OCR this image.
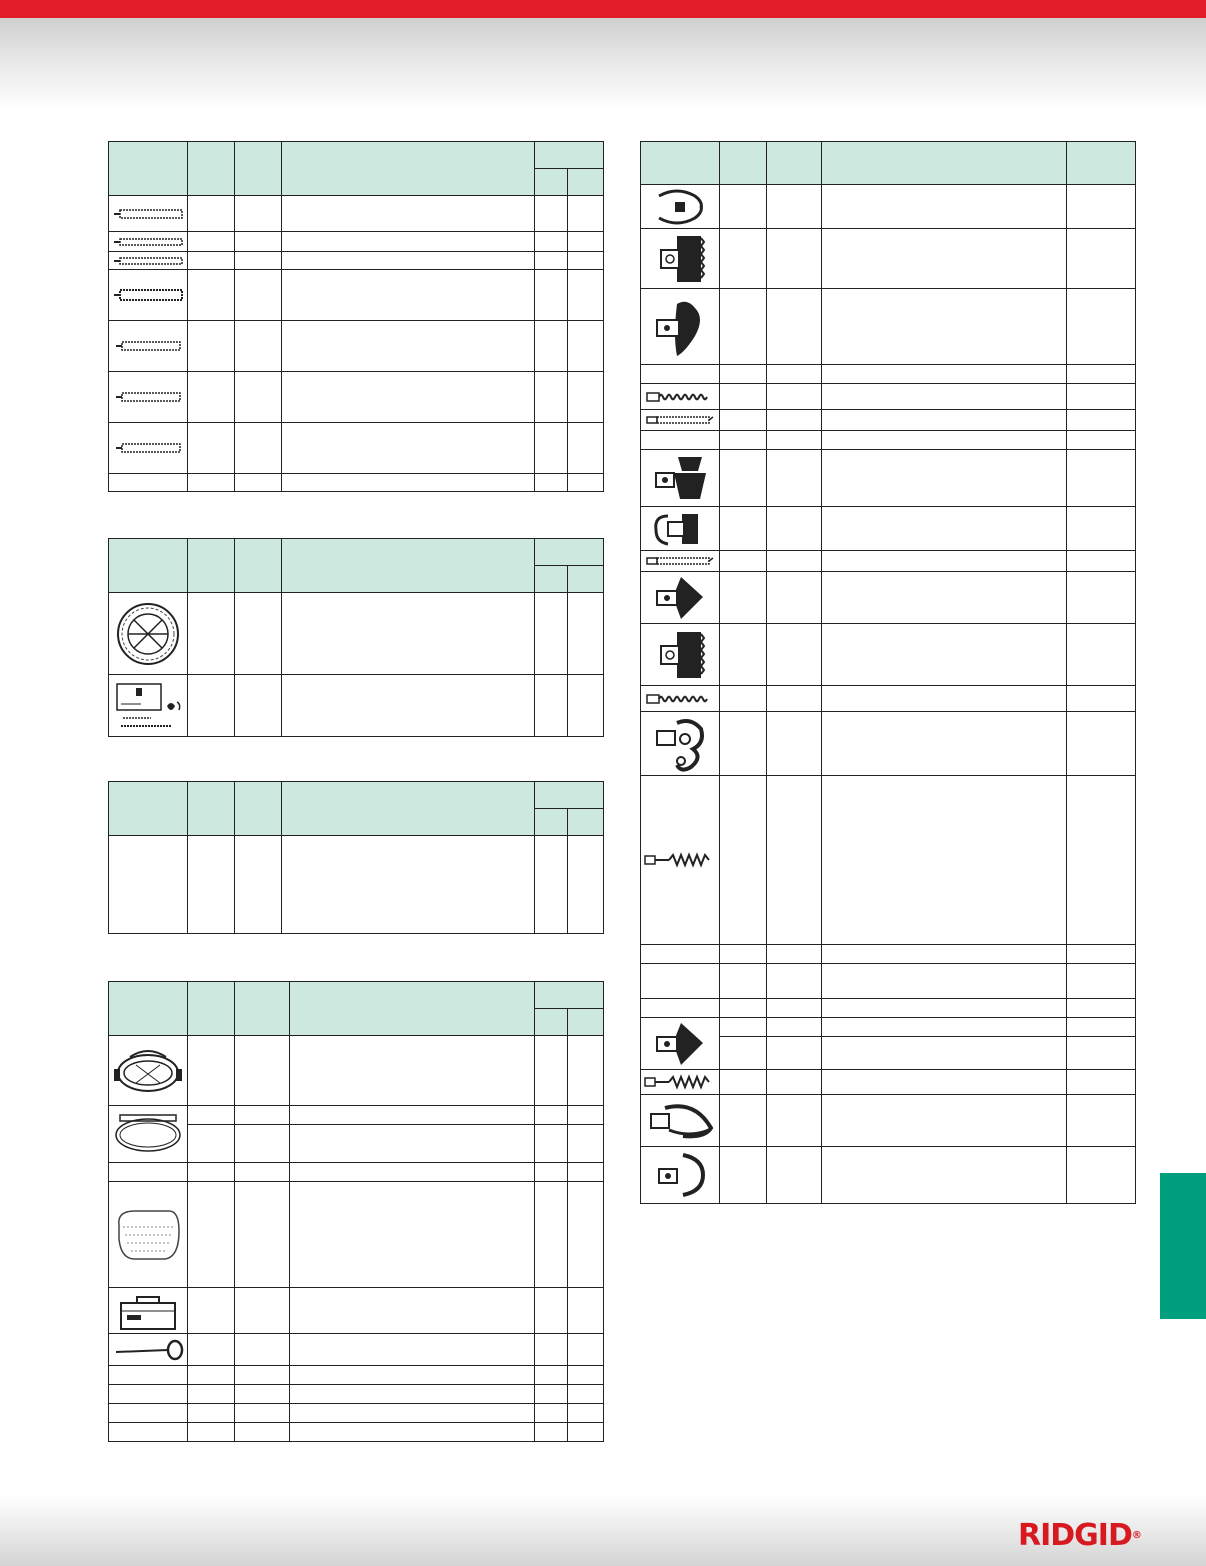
RIDGID®
